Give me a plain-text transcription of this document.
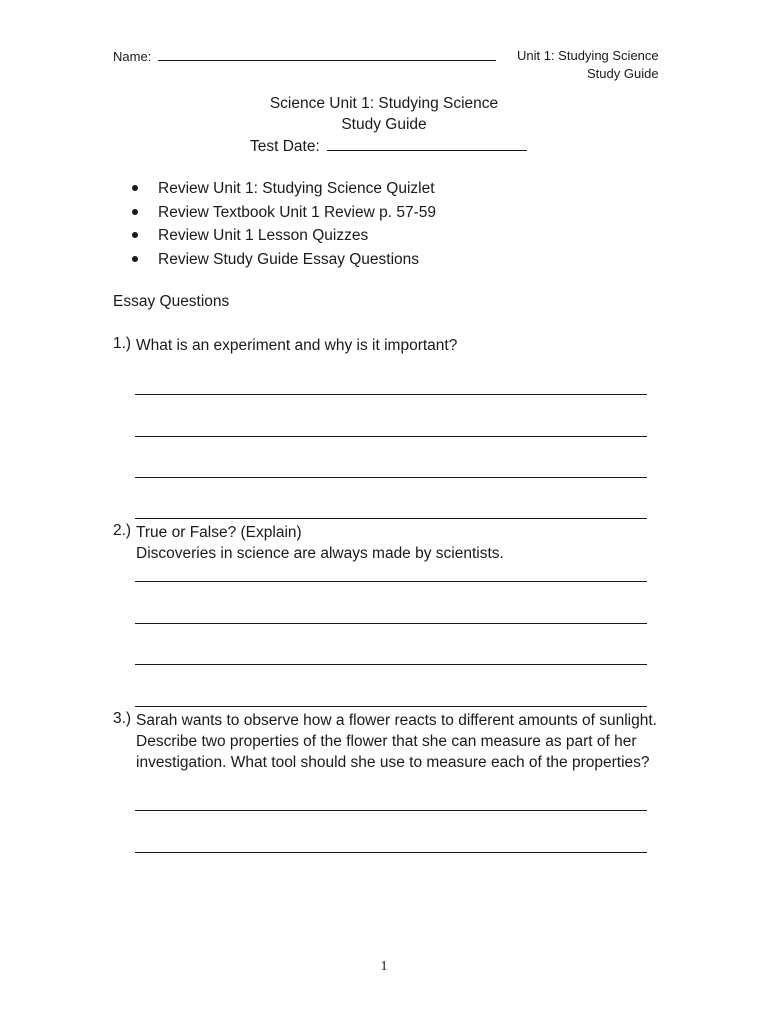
Name:	Unit 1: Studying Science
Study Guide
Science Unit 1: Studying Science
Study Guide
Test Date:
Review Unit 1: Studying Science Quizlet
Review Textbook Unit 1 Review p. 57-59
Review Unit 1 Lesson Quizzes
Review Study Guide Essay Questions
Essay Questions
1.) What is an experiment and why is it important?
2.) True or False? (Explain)
Discoveries in science are always made by scientists.
3.) Sarah wants to observe how a flower reacts to different amounts of sunlight.
Describe two properties of the flower that she can measure as part of her
investigation. What tool should she use to measure each of the properties?
1
